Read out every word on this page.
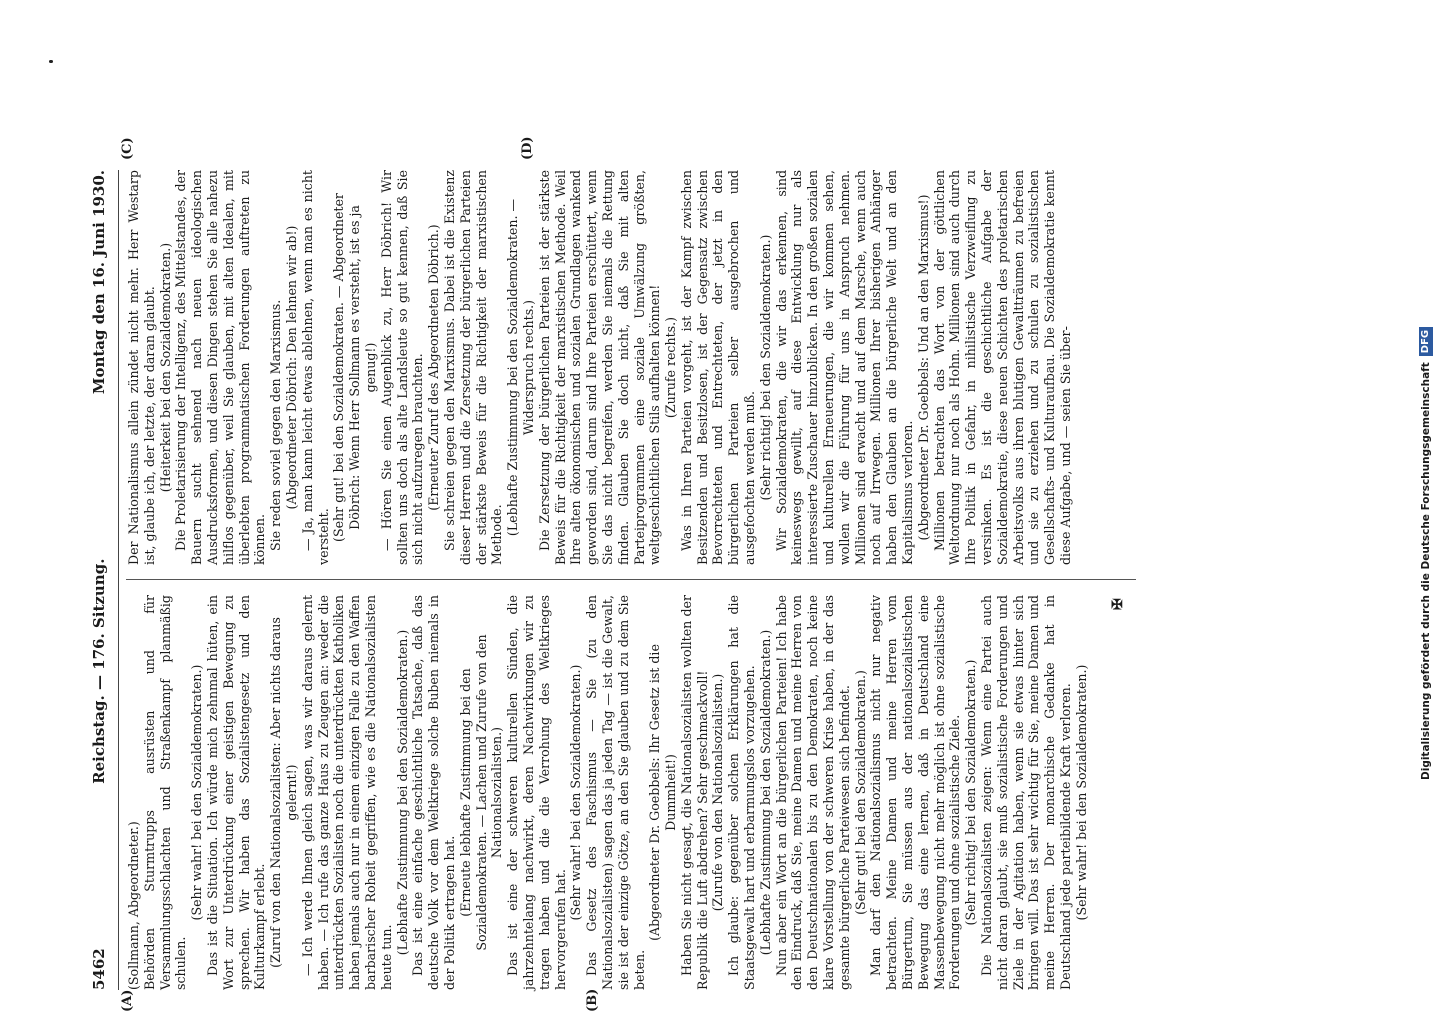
5462
Reichstag. — 176. Sitzung.
Montag den 16. Juni 1930.
(A)	(B)
(C)	(D)

(Sollmann, Abgeordneter.) Behörden Sturmtrupps ausrüsten und für Versammlungsschlachten und Straßenkampf planmäßig schulen.

(Sehr wahr! bei den Sozialdemokraten.) Das ist die Situation. Ich würde mich zehnmal hüten, ein Wort zur Unterdrückung einer geistigen Bewegung zu sprechen. Wir haben das Sozialistengesetz und den Kulturkampf erlebt. (Zuruf von den Nationalsozialisten: Aber nichts daraus gelernt!) — Ich werde Ihnen gleich sagen, was wir daraus gelernt haben. — Ich rufe das ganze Haus zu Zeugen an: weder die unterdrückten Sozialisten noch die unterdrückten Katholiken haben jemals auch nur in einem einzigen Falle zu den Waffen barbarischer Roheit gegriffen, wie es die Nationalsozialisten heute tun.

(Lebhafte Zustimmung bei den Sozialdemokraten.) Das ist eine einfache geschichtliche Tatsache, daß das deutsche Volk vor dem Weltkriege solche Buben niemals in der Politik ertragen hat. (Erneute lebhafte Zustimmung bei den Sozialdemokraten. — Lachen und Zurufe von den Nationalsozialisten.) Das ist eine der schweren kulturellen Sünden, die jahrzehntelang nachwirkt, deren Nachwirkungen wir zu tragen haben und die die Verrohung des Weltkrieges hervorgerufen hat.

(Sehr wahr! bei den Sozialdemokraten.) Das Gesetz des Faschismus — Sie (zu den Nationalsozialisten) sagen das ja jeden Tag — ist die Gewalt, sie ist der einzige Götze, an den Sie glauben und zu dem Sie beten.

(Abgeordneter Dr. Goebbels: Ihr Gesetz ist die Dummheit!) Haben Sie nicht gesagt, die Nationalsozialisten wollten der Republik die Luft abdrehen? Sehr geschmackvoll! (Zurufe von den Nationalsozialisten.) Ich glaube: gegenüber solchen Erklärungen hat die Staatsgewalt hart und erbarmungslos vorzugehen. (Lebhafte Zustimmung bei den Sozialdemokraten.) Nun aber ein Wort an die bürgerlichen Parteien! Ich habe den Eindruck, daß Sie, meine Damen und meine Herren von den Deutschnationalen bis zu den Demokraten, noch keine klare Vorstellung von der schweren Krise haben, in der das gesamte bürgerliche Parteiwesen sich befindet. (Sehr gut! bei den Sozialdemokraten.) Man darf den Nationalsozialismus nicht nur negativ betrachten. Meine Damen und meine Herren vom Bürgertum, Sie müssen aus der nationalsozialistischen Bewegung das eine lernen, daß in Deutschland eine Massenbewegung nicht mehr möglich ist ohne sozialistische Forderungen und ohne sozialistische Ziele. (Sehr richtig! bei den Sozialdemokraten.) Die Nationalsozialisten zeigen: Wenn eine Partei auch nicht daran glaubt, sie muß sozialistische Forderungen und Ziele in der Agitation haben, wenn sie etwas hinter sich bringen will. Das ist sehr wichtig für Sie, meine Damen und meine Herren. Der monarchische Gedanke hat in Deutschland jede parteibildende Kraft verloren. (Sehr wahr! bei den Sozialdemokraten.)

Der Nationalismus allein zündet nicht mehr. Herr Westarp ist, glaube ich, der letzte, der daran glaubt. (Heiterkeit bei den Sozialdemokraten.) Die Proletarisierung der Intelligenz, des Mittelstandes, der Bauern sucht sehnend nach neuen ideologischen Ausdrucksformen, und diesen Dingen stehen Sie alle nahezu hilflos gegenüber, weil Sie glauben, mit alten Idealen, mit überlebten programmatischen Forderungen auftreten zu können. Sie reden soviel gegen den Marxismus. (Abgeordneter Döbrich: Den lehnen wir ab!) — Ja, man kann leicht etwas ablehnen, wenn man es nicht versteht. (Sehr gut! bei den Sozialdemokraten. — Abgeordneter Döbrich: Wenn Herr Sollmann es versteht, ist es ja genug!) — Hören Sie einen Augenblick zu, Herr Döbrich! Wir sollten uns doch als alte Landsleute so gut kennen, daß Sie sich nicht aufzuregen brauchten. (Erneuter Zuruf des Abgeordneten Döbrich.) Sie schreien gegen den Marxismus. Dabei ist die Existenz dieser Herren und die Zersetzung der bürgerlichen Parteien der stärkste Beweis für die Richtigkeit der marxistischen Methode. (Lebhafte Zustimmung bei den Sozialdemokraten. — Widerspruch rechts.) Die Zersetzung der bürgerlichen Parteien ist der stärkste Beweis für die Richtigkeit der marxistischen Methode. Weil Ihre alten ökonomischen und sozialen Grundlagen wankend geworden sind, darum sind Ihre Parteien erschüttert, wenn Sie das nicht begreifen, werden Sie niemals die Rettung finden. Glauben Sie doch nicht, daß Sie mit alten Parteiprogrammen eine soziale Umwälzung größten, weltgeschichtlichen Stils aufhalten können! (Zurufe rechts.) Was in Ihren Parteien vorgeht, ist der Kampf zwischen Besitzenden und Besitzlosen, ist der Gegensatz zwischen Bevorrechteten und Entrechteten, der jetzt in den bürgerlichen Parteien selber ausgebrochen und ausgefochten werden muß. (Sehr richtig! bei den Sozialdemokraten.) Wir Sozialdemokraten, die wir das erkennen, sind keineswegs gewillt, auf diese Entwicklung nur als interessierte Zuschauer hinzublicken. In den großen sozialen und kulturellen Erneuerungen, die wir kommen sehen, wollen wir die Führung für uns in Anspruch nehmen. Millionen sind erwacht und auf dem Marsche, wenn auch noch auf Irrwegen. Millionen Ihrer bisherigen Anhänger haben den Glauben an die bürgerliche Welt und an den Kapitalismus verloren. (Abgeordneter Dr. Goebbels: Und an den Marxismus!) Millionen betrachten das Wort von der göttlichen Weltordnung nur noch als Hohn. Millionen sind auch durch Ihre Politik in Gefahr, in nihilistische Verzweiflung zu versinken. Es ist die geschichtliche Aufgabe der Sozialdemokratie, diese neuen Schichten des proletarischen Arbeitsvolks aus ihren blutigen Gewaltträumen zu befreien und sie zu erziehen und zu schulen zu sozialistischen Gesellschafts- und Kulturaufbau. Die Sozialdemokratie kennt diese Aufgabe, und — seien Sie über-

✠	Digitalisierung gefördert durch die Deutsche Forschungsgemeinschaft
DFG
